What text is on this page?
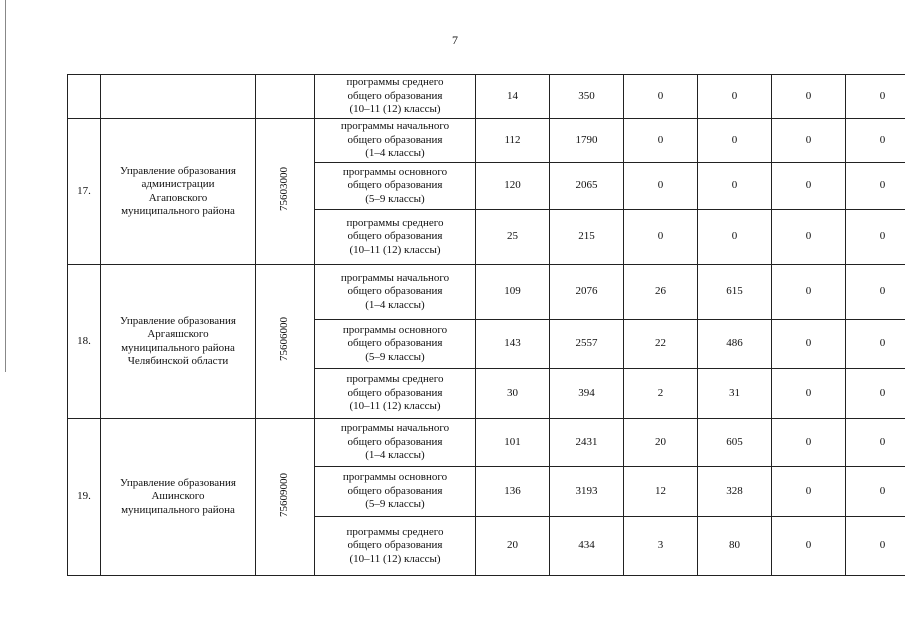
7

			программы среднего
общего образования
(10–11 (12) классы)	14	350	0	0	0	0
17.	Управление образования
администрации
Агаповского
муниципального района	75603000	программы начального
общего образования
(1–4 классы)	112	1790	0	0	0	0

			программы основного
общего образования
(5–9 классы)	120	2065	0	0	0	0

			программы среднего
общего образования
(10–11 (12) классы)	25	215	0	0	0	0
18.	Управление образования
Аргаяшского
муниципального района
Челябинской области	75606000	программы начального
общего образования
(1–4 классы)	109	2076	26	615	0	0

			программы основного
общего образования
(5–9 классы)	143	2557	22	486	0	0

			программы среднего
общего образования
(10–11 (12) классы)	30	394	2	31	0	0
19.	Управление образования
Ашинского
муниципального района	75609000	программы начального
общего образования
(1–4 классы)	101	2431	20	605	0	0

			программы основного
общего образования
(5–9 классы)	136	3193	12	328	0	0

			программы среднего
общего образования
(10–11 (12) классы)	20	434	3	80	0	0
